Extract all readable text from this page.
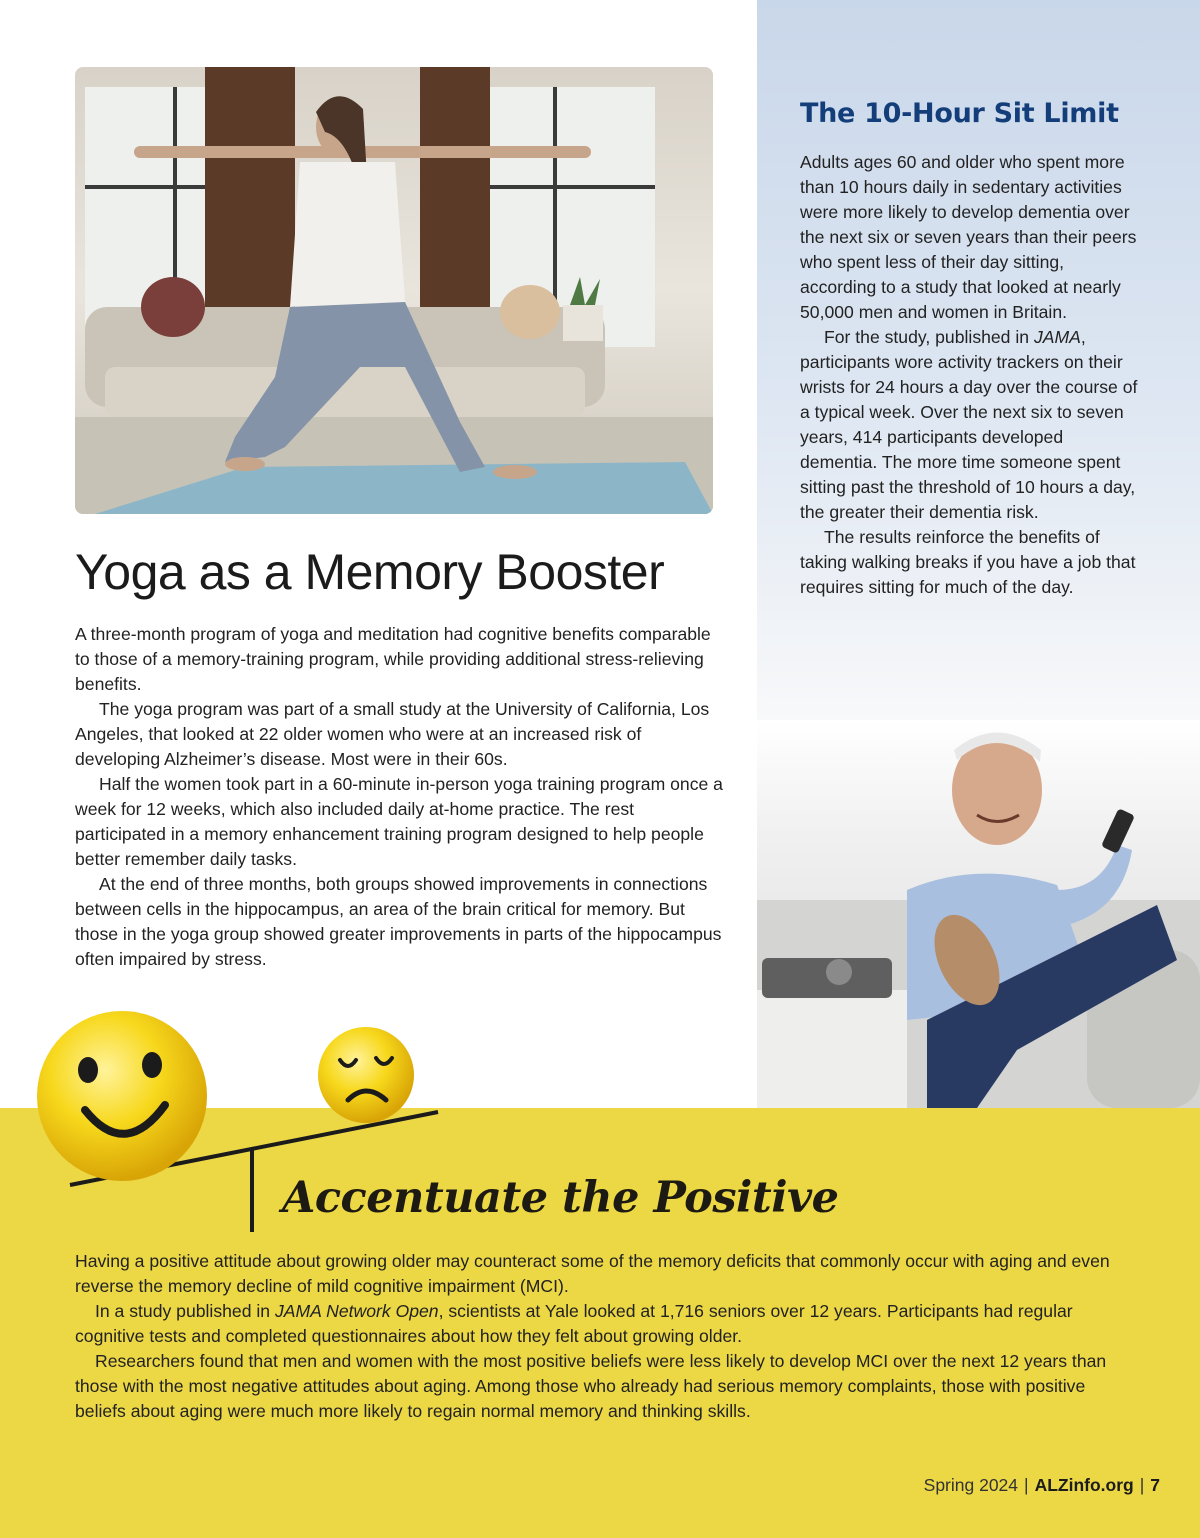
Yoga as a Memory Booster

A three-month program of yoga and meditation had cognitive benefits comparable to those of a memory-training program, while providing additional stress-relieving benefits.

The yoga program was part of a small study at the University of California, Los Angeles, that looked at 22 older women who were at an increased risk of developing Alzheimer’s disease. Most were in their 60s.

Half the women took part in a 60-minute in-person yoga training program once a week for 12 weeks, which also included daily at-home practice. The rest participated in a memory enhancement training program designed to help people better remember daily tasks.

At the end of three months, both groups showed improvements in connections between cells in the hippocampus, an area of the brain critical for memory. But those in the yoga group showed greater improvements in parts of the hippocampus often impaired by stress.

The 10-Hour Sit Limit

Adults ages 60 and older who spent more than 10 hours daily in sedentary activities were more likely to develop dementia over the next six or seven years than their peers who spent less of their day sitting, according to a study that looked at nearly 50,000 men and women in Britain.

For the study, published in JAMA, participants wore activity trackers on their wrists for 24 hours a day over the course of a typical week. Over the next six to seven years, 414 participants developed dementia. The more time someone spent sitting past the threshold of 10 hours a day, the greater their dementia risk.

The results reinforce the benefits of taking walking breaks if you have a job that requires sitting for much of the day.

Accentuate the Positive

Having a positive attitude about growing older may counteract some of the memory deficits that commonly occur with aging and even reverse the memory decline of mild cognitive impairment (MCI).

In a study published in JAMA Network Open, scientists at Yale looked at 1,716 seniors over 12 years. Participants had regular cognitive tests and completed questionnaires about how they felt about growing older.

Researchers found that men and women with the most positive beliefs were less likely to develop MCI over the next 12 years than those with the most negative attitudes about aging. Among those who already had serious memory complaints, those with positive beliefs about aging were much more likely to regain normal memory and thinking skills.

Spring 2024 | ALZinfo.org | 7
